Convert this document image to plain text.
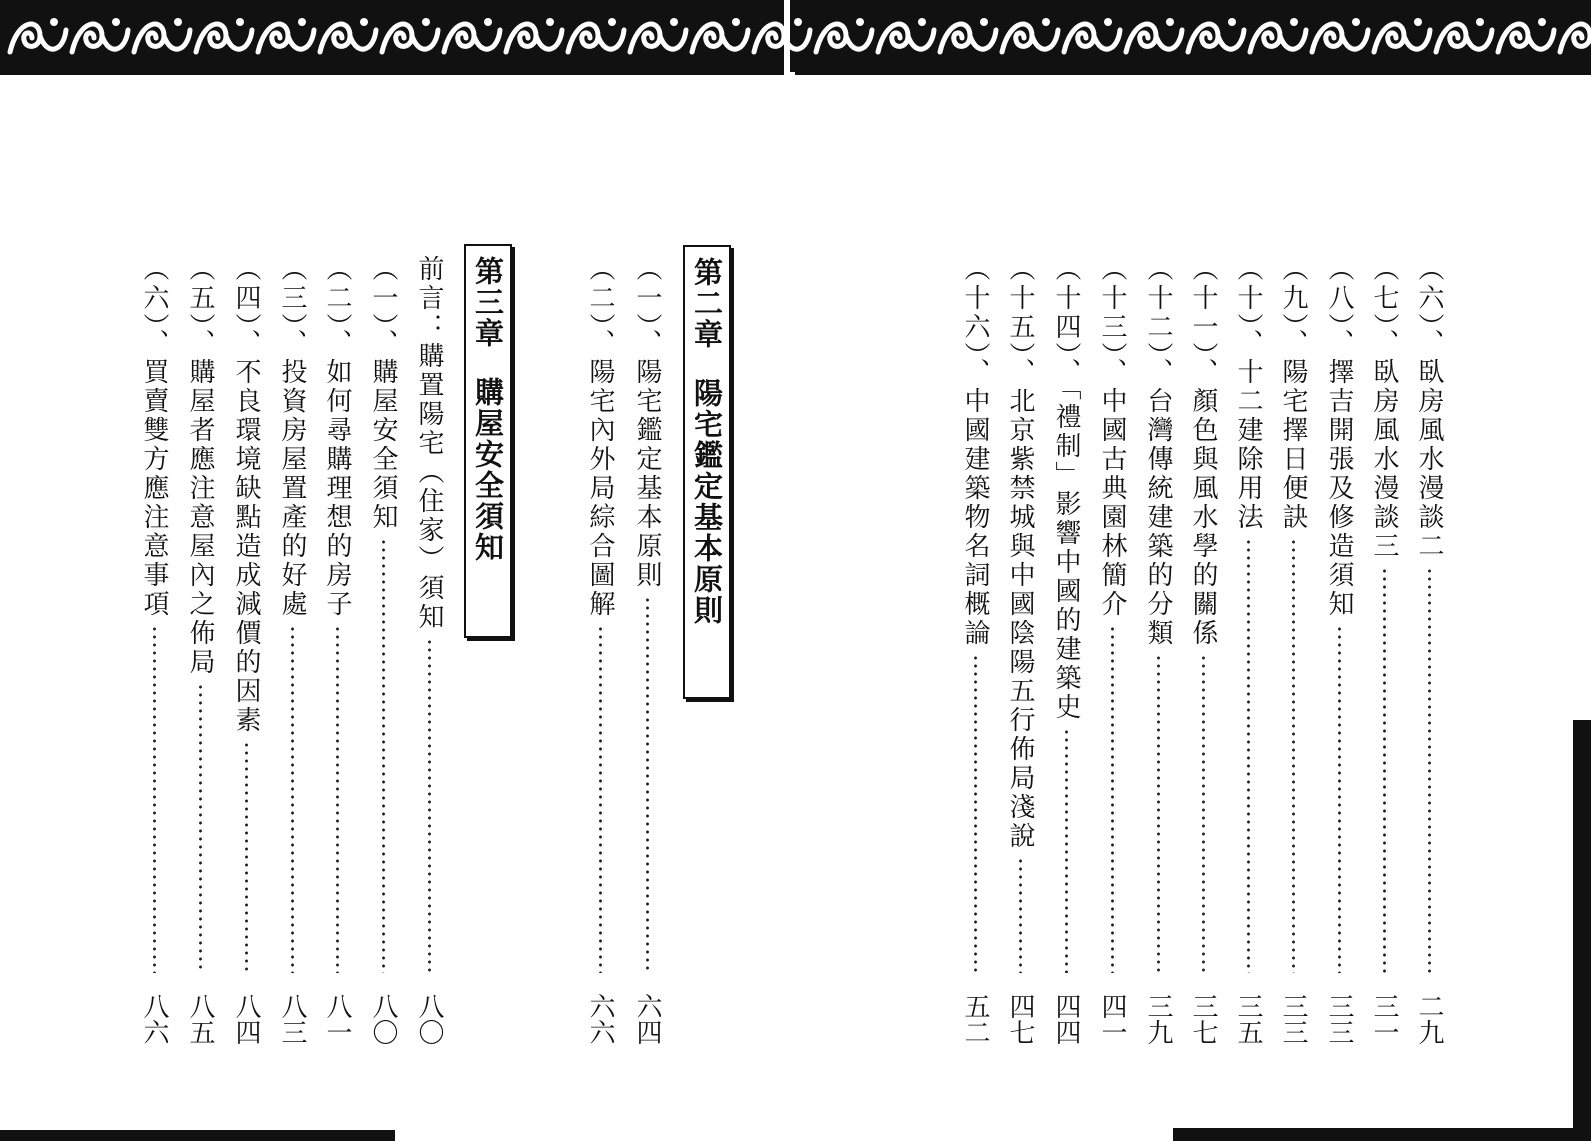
（六）、臥房風水漫談二
二九
（七）、臥房風水漫談三
三一
（八）、擇吉開張及修造須知
三三
（九）、陽宅擇日便訣
三三
（十）、十二建除用法
三五
（十一）、顏色與風水學的關係
三七
（十二）、台灣傳統建築的分類
三九
（十三）、中國古典園林簡介
四一
（十四）、「禮制」影響中國的建築史
四四
（十五）、北京紫禁城與中國陰陽五行佈局淺說
四七
（十六）、中國建築物名詞概論
五二
第二章
陽宅鑑定基本原則
（一）、陽宅鑑定基本原則
六四
（二）、陽宅內外局綜合圖解
六六
第三章
購屋安全須知
前言：購置陽宅（住家）須知
八〇
（一）、購屋安全須知
八〇
（二）、如何尋購理想的房子
八一
（三）、投資房屋置產的好處
八三
（四）、不良環境缺點造成減價的因素
八四
（五）、購屋者應注意屋內之佈局
八五
（六）、買賣雙方應注意事項
八六
